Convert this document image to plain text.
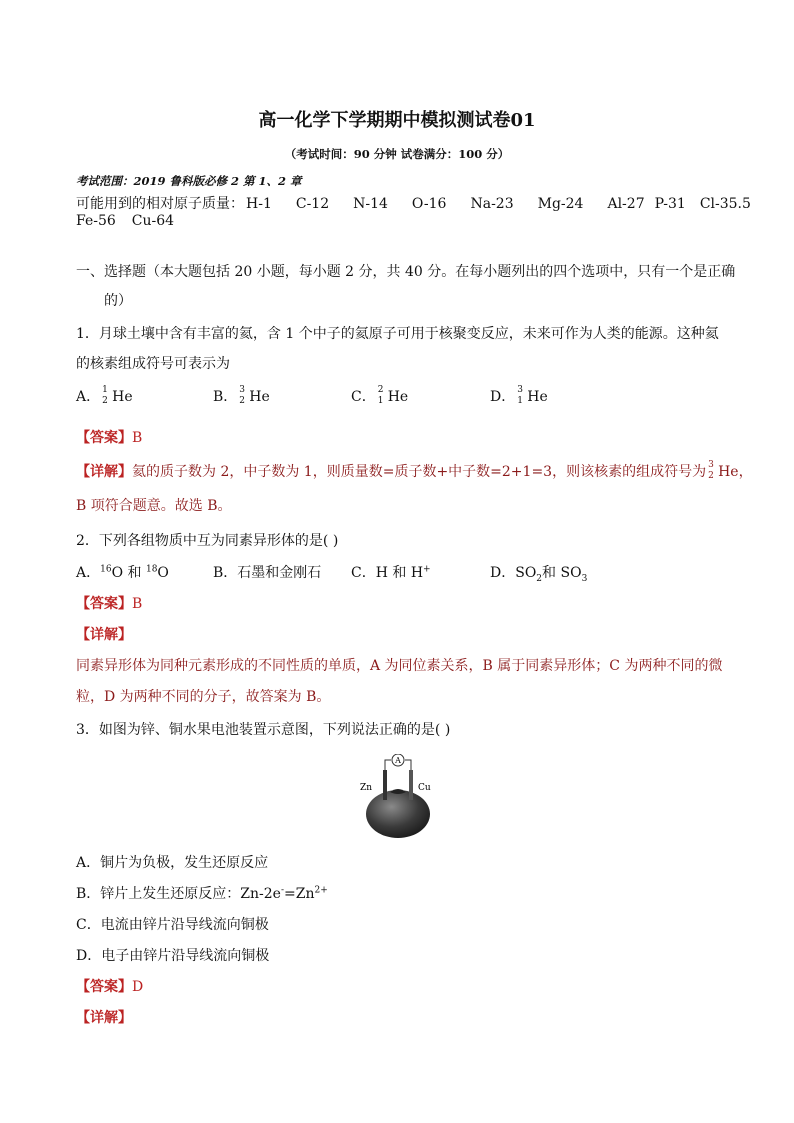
高一化学下学期期中模拟测试卷01
（考试时间：90 分钟 试卷满分：100 分）
考试范围：2019 鲁科版必修 2 第 1、2 章
可能用到的相对原子质量： H-1 C-12 N-14 O-16 Na-23 Mg-24 Al-27 P-31 Cl-35.5
Fe-56 Cu-64
一、选择题（本大题包括 20 小题，每小题 2 分，共 40 分。在每小题列出的四个选项中，只有一个是正确
的）
1．月球土壤中含有丰富的氦，含 1 个中子的氦原子可用于核聚变反应，未来可作为人类的能源。这种氦
的核素组成符号可表示为
A． 1
2 He	B． 3
2 He	C． 2
1 He	D． 3
1 He
【答案】B
【详解】氦的质子数为 2，中子数为 1，则质量数=质子数+中子数=2+1=3，则该核素的组成符号为 3
2 He，
B 项符合题意。故选 B。
2．下列各组物质中互为同素异形体的是( )
A．$^{16}$O 和 $^{18}$O	B．石墨和金刚石 C．H 和 H+	D．$SO_2$和 $SO_3$
【答案】B
【详解】
同素异形体为同种元素形成的不同性质的单质，A 为同位素关系，B 属于同素异形体；C 为两种不同的微
粒，D 为两种不同的分子，故答案为 B。
3．如图为锌、铜水果电池装置示意图，下列说法正确的是( )
A
Zn	Cu
A．铜片为负极，发生还原反应
B．锌片上发生还原反应：$Zn-2e^-=Zn^{2+}$
C．电流由锌片沿导线流向铜极
D．电子由锌片沿导线流向铜极
【答案】D
【详解】
